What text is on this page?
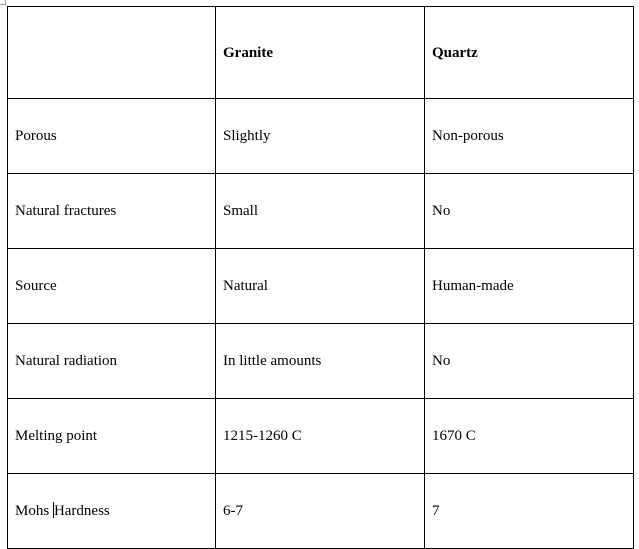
	Granite	Quartz
Porous	Slightly	Non-porous
Natural fractures	Small	No
Source	Natural	Human-made
Natural radiation	In little amounts	No
Melting point	1215-1260 C	1670 C
Mohs Hardness	6-7	7
